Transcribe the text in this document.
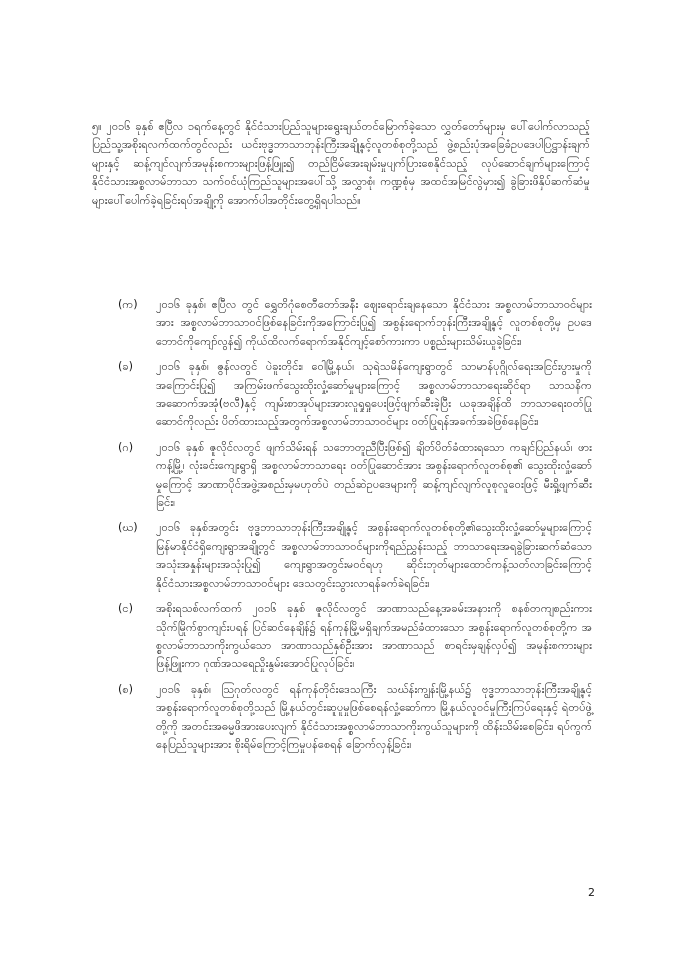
၅။ ၂၀၁၆ ခုနှစ် ဧပြီလ ၁ရက်နေ့တွင် နိုင်ငံသားပြည်သူများရွေးချယ်တင်မြောက်ခဲ့သော လွှတ်တော်များမှ ပေါ်ပေါက်လာသည့် ပြည်သူ့အစိုးရလက်ထက်တွင်လည်း ယင်းဗုဒ္ဓဘာသာဘုန်းကြီးအချို့နှင့်လူတစ်စုတို့သည် ဖွဲ့စည်းပုံအခြေခံဥပဒေပါပြဋ္ဌာန်းချက်များနှင့် ဆန့်ကျင်လျက်အမုန်းစကားများဖြန့်ဖြူး၍ တည်ငြိမ်အေးချမ်းမှုပျက်ပြားစေနိုင်သည့် လုပ်ဆောင်ချက်များကြောင့် နိုင်ငံသားအစ္စလာမ်ဘာသာ သက်ဝင်ယုံကြည်သူများအပေါ်သို့ အလွှာစုံ၊ ကဏ္ဍစုံမှ အထင်အမြင်လွဲမှား၍ ခွဲခြားဖိနှိပ်ဆက်ဆံမှုများပေါ်ပေါက်ခဲ့ရခြင်းရပ်အချို့ကို အောက်ပါအတိုင်းတွေ့ရှိရပါသည်။

(က)	၂၀၁၆ ခုနှစ်၊ ဧပြီလ တွင် ရွှေတိဂုံစေတီတော်အနီး ဈေးရောင်းချနေသော နိုင်ငံသား အစ္စလာမ်ဘာသာဝင်များအား အစ္စလာမ်ဘာသာဝင်ဖြစ်နေခြင်းကိုအကြောင်းပြု၍ အစွန်းရောက်ဘုန်းကြီးအချို့နှင့် လူတစ်စုတို့မှ ဥပဒေဘောင်ကိုကျော်လွန်၍ ကိုယ်ထိလက်ရောက်အနိုင်ကျင့်စော်ကားကာ ပစ္စည်းများသိမ်းယူခဲ့ခြင်း၊
(ခ)	၂၀၁၆ ခုနှစ်၊ ဇွန်လတွင် ပဲခူးတိုင်း၊ ဝေါမြို့နယ်၊ သုရဲသမိန်ကျေးရွာတွင် သာမာန်ပုဂ္ဂိုလ်ရေးအငြင်းပွားမှုကို အကြောင်းပြု၍ အကြမ်းဖက်သွေးထိုးလှုံ့ဆော်မှုများကြောင့် အစ္စလာမ်ဘာသာရေးဆိုင်ရာ သာသနိကအဆောက်အအုံ(ဗလီ)နှင့် ကျမ်းစာအုပ်များအားလူရှုရှုပေးဖြင့်ဖျက်ဆီးခဲ့ပြီး ယခုအချိန်ထိ ဘာသာရေးဝတ်ပြုဆောင်ကိုလည်း ပိတ်ထားသည့်အတွက်အစ္စလာမ်ဘာသာဝင်များ ဝတ်ပြုရန်အခက်အခဲဖြစ်နေခြင်း၊
(ဂ)	၂၀၁၆ ခုနှစ် ဇူလိုင်လတွင် ဖျက်သိမ်းရန် သဘောတူညီပြီးဖြစ်၍ ချိတ်ပိတ်ခံထားရသော ကချင်ပြည်နယ်၊ ဖားကန့်မြို့၊ လုံးခင်းကျေးရွာရှိ အစ္စလာမ်ဘာသာရေး ဝတ်ပြုဆောင်အား အစွန်းရောက်လူတစ်စု၏ သွေးထိုးလှုံ့ဆော်မှုကြောင့် အာဏာပိုင်အဖွဲ့အစည်းမှမဟုတ်ပဲ တည်ဆဲဥပဒေများကို ဆန့်ကျင်လျက်လူစုလူဝေးဖြင့် မီးရှို့ဖျက်ဆီးခြင်း၊
(ဃ)	၂၀၁၆ ခုနှစ်အတွင်း ဗုဒ္ဓဘာသာဘုန်းကြီးအချို့နှင့် အစွန်းရောက်လူတစ်စုတို့၏သွေးထိုးလှုံ့ဆော်မှုများကြောင့် မြန်မာနိုင်ငံရှိကျေးရွာအချို့တွင် အစ္စလာမ်ဘာသာဝင်များကိုရည်ညွှန်းသည့် ဘာသာရေးအရခွဲခြားဆက်ဆံသောအသုံးအနှုန်းများအသုံးပြု၍ ကျေးရွာအတွင်းမဝင်ရဟု ဆိုင်းဘုတ်များထောင်ကန့်သတ်လာခြင်းကြောင့် နိုင်ငံသားအစ္စလာမ်ဘာသာဝင်များ ဒေသတွင်းသွားလာရန်ခက်ခဲရခြင်း၊
(င)	အစိုးရသစ်လက်ထက် ၂၀၁၆ ခုနှစ် ဇူလိုင်လတွင် အာဏာသည်နေ့အခမ်းအနားကို စနစ်တကျစည်းကားသိုက်မြိုက်စွာကျင်းပရန် ပြင်ဆင်နေချိန်၌ ရန်ကုန်မြို့မရှိချက်အမည်ခံထားသော အစွန်းရောက်လူတစ်စုတို့က အစ္စလာမ်ဘာသာကိုးကွယ်သော အာဏာသည်နှစ်ဦးအား အာဏာသည် စာရင်းမှချန်လှပ်၍ အမုန်းစကားများဖြန့်ဖြူးကာ ဂုဏ်အသရေညှိုးနွမ်းအောင်ပြုလုပ်ခြင်း၊
(စ)	၂၀၁၆ ခုနှစ်၊ ဩဂုတ်လတွင် ရန်ကုန်တိုင်းဒေသကြီး သဃ်န်းကျွန်းမြို့နယ်၌ ဗုဒ္ဓဘာသာဘုန်းကြီးအချို့နှင့် အစွန်းရောက်လူတစ်စုတို့သည် မြို့နယ်တွင်းဆူပူမှုဖြစ်စေရန်လှုံ့ဆော်ကာ မြို့နယ်လူဝင်မှုကြီးကြပ်ရေးနှင့် ရဲတပ်ဖွဲ့တို့ကို အတင်းအဓမ္မဖိအားပေးလျက် နိုင်ငံသားအစ္စလာမ်ဘာသာကိုးကွယ်သူများကို ထိန်းသိမ်းစေခြင်း၊ ရပ်ကွက်နေပြည်သူများအား စိုးရိမ်ကြောင့်ကြမှုပန်စေရန် ခြောက်လှန့်ခြင်း၊
2
